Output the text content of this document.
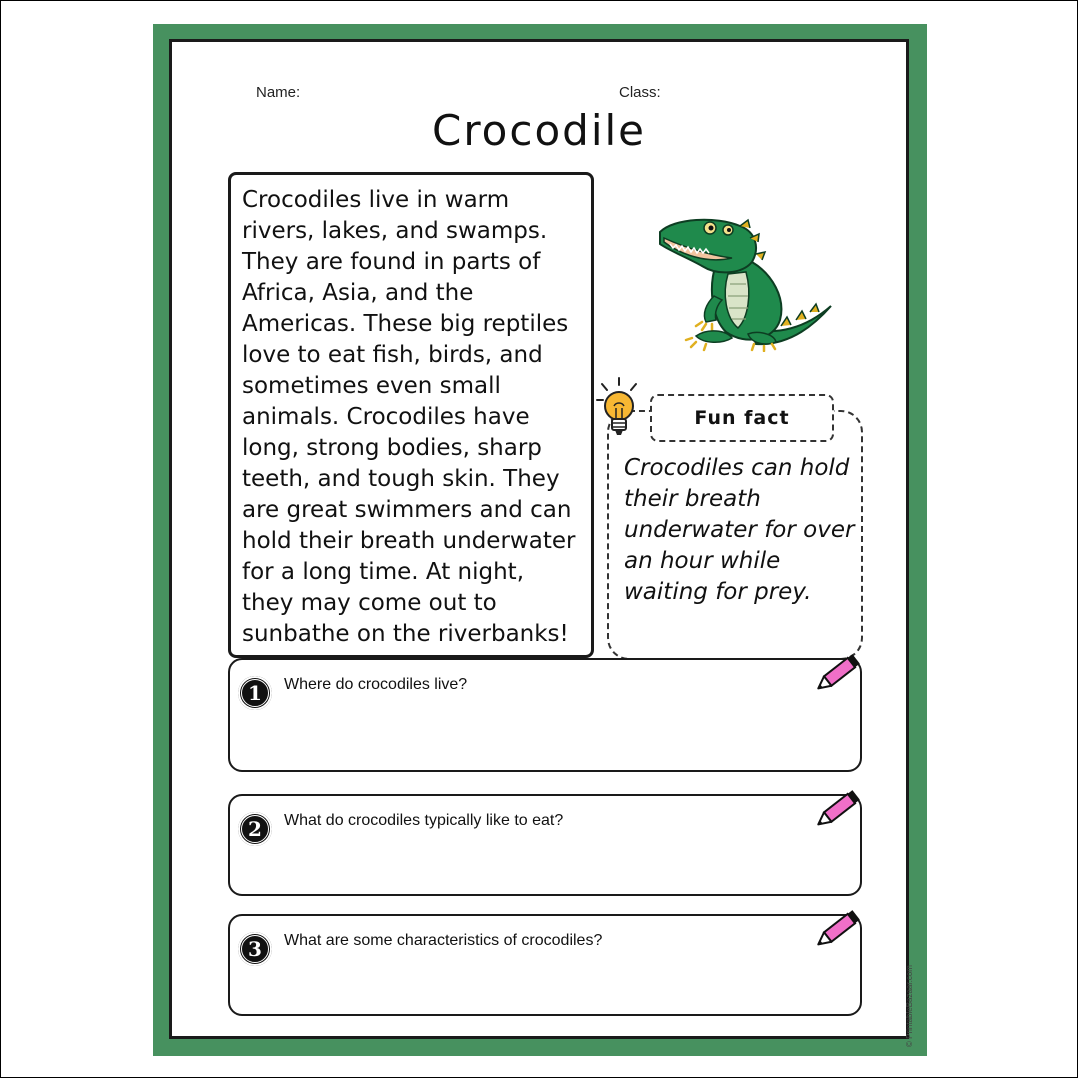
Name:	Class:
Crocodile

Crocodiles live in warm rivers, lakes, and swamps. They are found in parts of Africa, Asia, and the Americas. These big reptiles love to eat fish, birds, and sometimes even small animals. Crocodiles have long, strong bodies, sharp teeth, and tough skin. They are great swimmers and can hold their breath underwater for a long time. At night, they may come out to sunbathe on the riverbanks!

Fun fact
Crocodiles can hold their breath underwater for over an hour while waiting for prey.
1	Where do crocodiles live?
2	What do crocodiles typically like to eat?
3	What are some characteristics of crocodiles?
© PrintableBazaar.com
